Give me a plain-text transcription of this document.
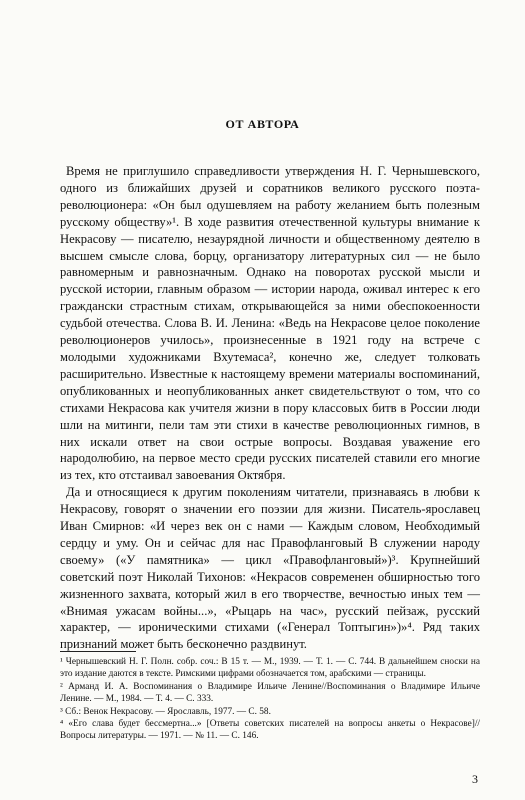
ОТ АВТОРА

Время не приглушило справедливости утверждения Н. Г. Чернышевского, одного из ближайших друзей и соратников великого русского поэта-революционера: «Он был одушевляем на работу желанием быть полезным русскому обществу»¹. В ходе развития отечественной культуры внимание к Некрасову — писателю, незаурядной личности и общественному деятелю в высшем смысле слова, борцу, организатору литературных сил — не было равномерным и равнозначным. Однако на поворотах русской мысли и русской истории, главным образом — истории народа, оживал интерес к его граждански страстным стихам, открывающейся за ними обеспокоенности судьбой отечества. Слова В. И. Ленина: «Ведь на Некрасове целое поколение революционеров училось», произнесенные в 1921 году на встрече с молодыми художниками Вхутемаса², конечно же, следует толковать расширительно. Известные к настоящему времени материалы воспоминаний, опубликованных и неопубликованных анкет свидетельствуют о том, что со стихами Некрасова как учителя жизни в пору классовых битв в России люди шли на митинги, пели там эти стихи в качестве революционных гимнов, в них искали ответ на свои острые вопросы. Воздавая уважение его народолюбию, на первое место среди русских писателей ставили его многие из тех, кто отстаивал завоевания Октября.

Да и относящиеся к другим поколениям читатели, признаваясь в любви к Некрасову, говорят о значении его поэзии для жизни. Писатель-ярославец Иван Смирнов: «И через век он с нами — Каждым словом, Необходимый сердцу и уму. Он и сейчас для нас Правофланговый В служении народу своему» («У памятника» — цикл «Правофланговый»)³. Крупнейший советский поэт Николай Тихонов: «Некрасов современен обширностью того жизненного захвата, который жил в его творчестве, вечностью иных тем — «Внимая ужасам войны...», «Рыцарь на час», русский пейзаж, русский характер, — ироническими стихами («Генерал Топтыгин»)»⁴. Ряд таких признаний может быть бесконечно раздвинут.

¹ Чернышевский Н. Г. Полн. собр. соч.: В 15 т. — М., 1939. — Т. 1. — С. 744. В дальнейшем сноски на это издание даются в тексте. Римскими цифрами обозначается том, арабскими — страницы.
² Арманд И. А. Воспоминания о Владимире Ильиче Ленине//Воспоминания о Владимире Ильиче Ленине. — М., 1984. — Т. 4. — С. 333.
³ Сб.: Венок Некрасову. — Ярославль, 1977. — С. 58.
⁴ «Его слава будет бессмертна...» [Ответы советских писателей на вопросы анкеты о Некрасове]//Вопросы литературы. — 1971. — № 11. — С. 146.
3
